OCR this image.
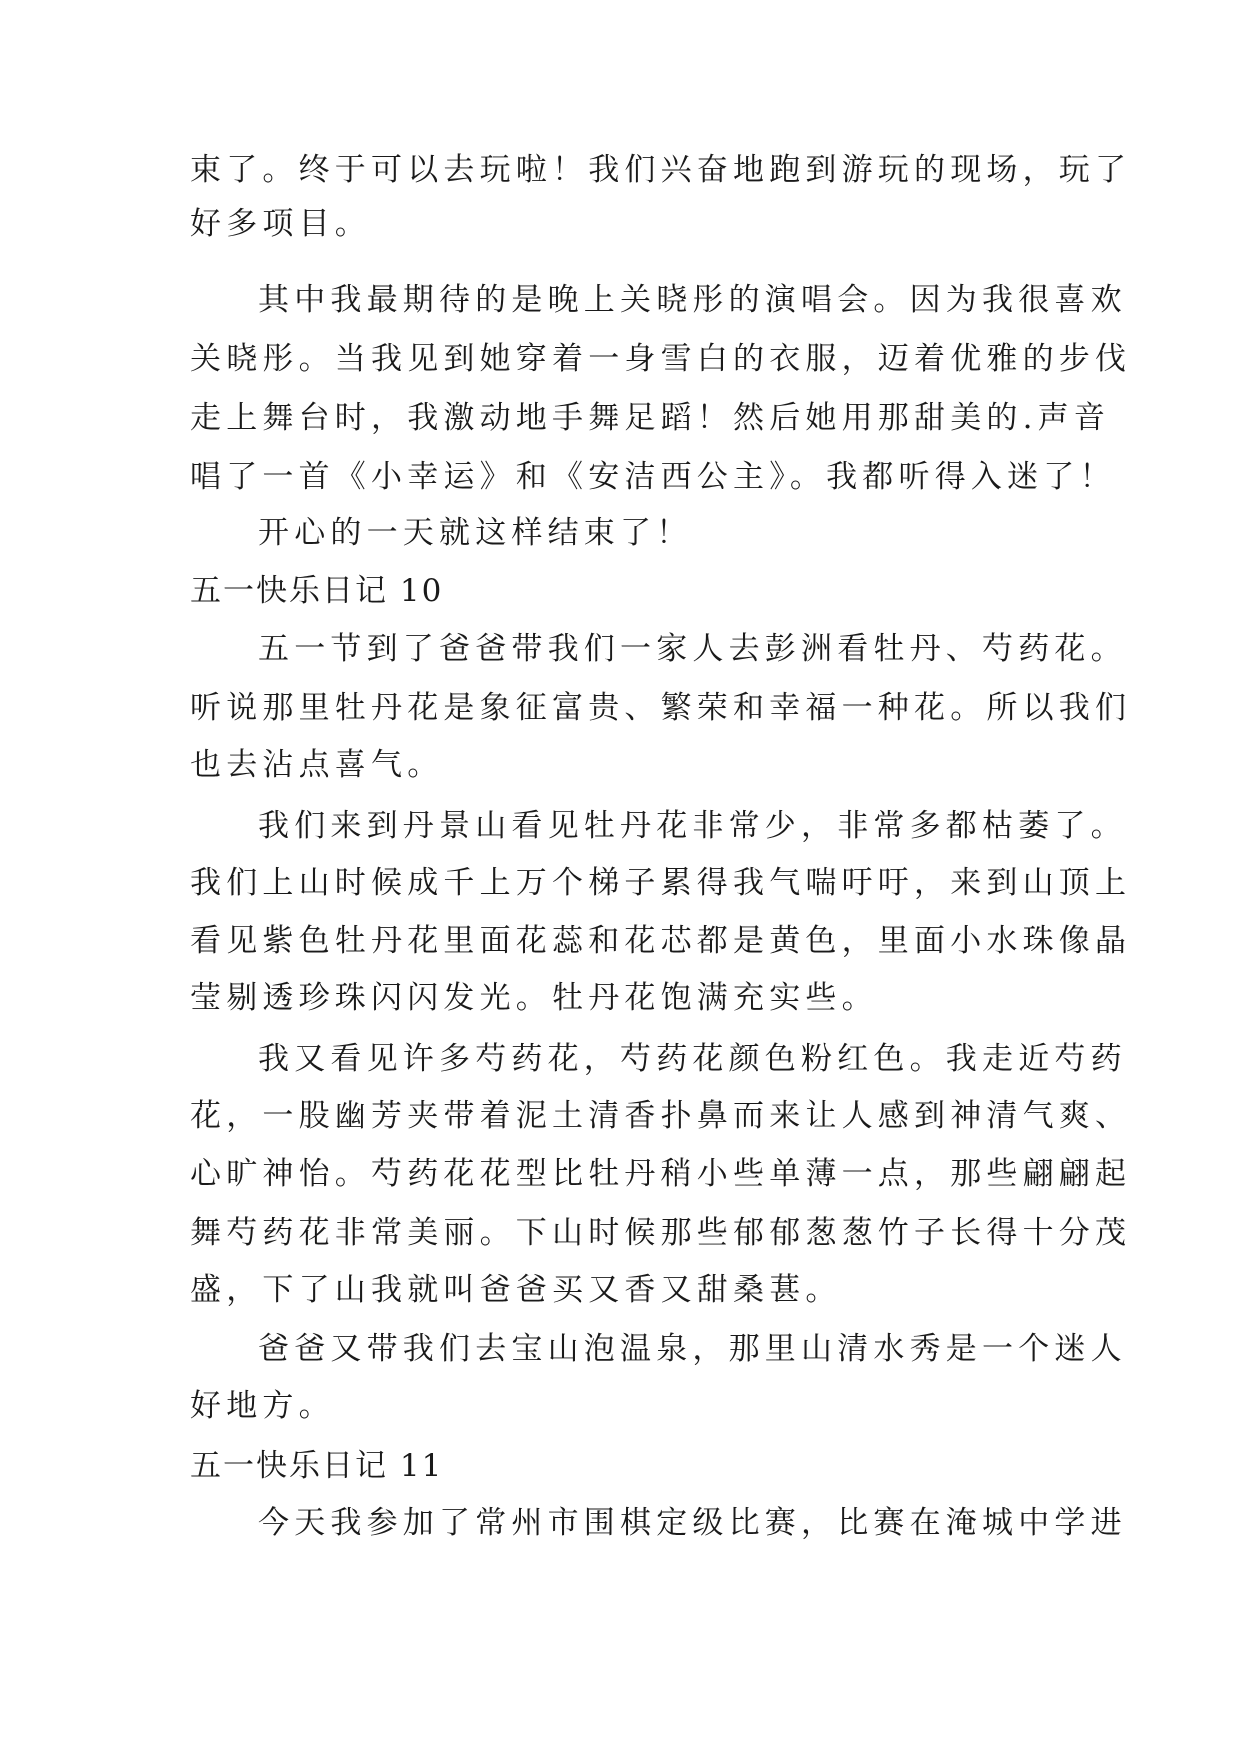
束了。终于可以去玩啦！我们兴奋地跑到游玩的现场，玩了
好多项目。
其中我最期待的是晚上关晓彤的演唱会。因为我很喜欢
关晓彤。当我见到她穿着一身雪白的衣服，迈着优雅的步伐
走上舞台时，我激动地手舞足蹈！然后她用那甜美的.声音
唱了一首《小幸运》和《安洁西公主》。我都听得入迷了！
开心的一天就这样结束了！
五一快乐日记 10
五一节到了爸爸带我们一家人去彭洲看牡丹、芍药花。
听说那里牡丹花是象征富贵、繁荣和幸福一种花。所以我们
也去沾点喜气。
我们来到丹景山看见牡丹花非常少，非常多都枯萎了。
我们上山时候成千上万个梯子累得我气喘吁吁，来到山顶上
看见紫色牡丹花里面花蕊和花芯都是黄色，里面小水珠像晶
莹剔透珍珠闪闪发光。牡丹花饱满充实些。
我又看见许多芍药花，芍药花颜色粉红色。我走近芍药
花，一股幽芳夹带着泥土清香扑鼻而来让人感到神清气爽、
心旷神怡。芍药花花型比牡丹稍小些单薄一点，那些翩翩起
舞芍药花非常美丽。下山时候那些郁郁葱葱竹子长得十分茂
盛，下了山我就叫爸爸买又香又甜桑葚。
爸爸又带我们去宝山泡温泉，那里山清水秀是一个迷人
好地方。
五一快乐日记 11
今天我参加了常州市围棋定级比赛，比赛在淹城中学进
